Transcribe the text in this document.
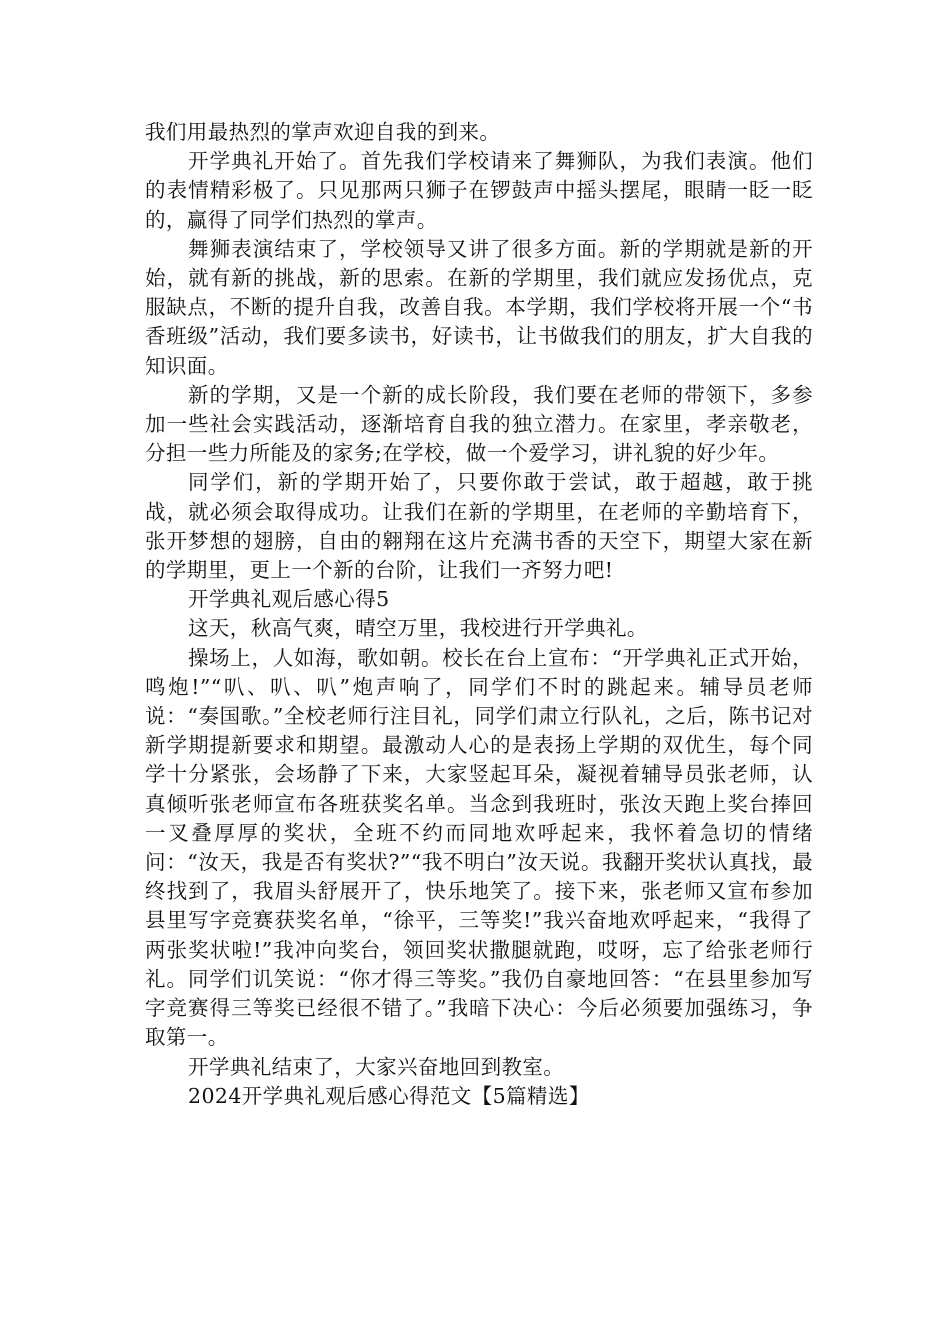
我们用最热烈的掌声欢迎自我的到来。

开学典礼开始了。首先我们学校请来了舞狮队，为我们表演。他们的表情精彩极了。只见那两只狮子在锣鼓声中摇头摆尾，眼睛一眨一眨的，赢得了同学们热烈的掌声。

舞狮表演结束了，学校领导又讲了很多方面。新的学期就是新的开始，就有新的挑战，新的思索。在新的学期里，我们就应发扬优点，克服缺点，不断的提升自我，改善自我。本学期，我们学校将开展一个“书香班级”活动，我们要多读书，好读书，让书做我们的朋友，扩大自我的知识面。

新的学期，又是一个新的成长阶段，我们要在老师的带领下，多参加一些社会实践活动，逐渐培育自我的独立潜力。在家里，孝亲敬老，分担一些力所能及的家务;在学校，做一个爱学习，讲礼貌的好少年。

同学们，新的学期开始了，只要你敢于尝试，敢于超越，敢于挑战，就必须会取得成功。让我们在新的学期里，在老师的辛勤培育下，张开梦想的翅膀，自由的翱翔在这片充满书香的天空下，期望大家在新的学期里，更上一个新的台阶，让我们一齐努力吧!

开学典礼观后感心得5

这天，秋高气爽，晴空万里，我校进行开学典礼。

操场上，人如海，歌如朝。校长在台上宣布：“开学典礼正式开始，鸣炮!”“叭、叭、叭”炮声响了，同学们不时的跳起来。辅导员老师说：“奏国歌。”全校老师行注目礼，同学们肃立行队礼，之后，陈书记对新学期提新要求和期望。最激动人心的是表扬上学期的双优生，每个同学十分紧张，会场静了下来，大家竖起耳朵，凝视着辅导员张老师，认真倾听张老师宣布各班获奖名单。当念到我班时，张汝天跑上奖台捧回一叉叠厚厚的奖状，全班不约而同地欢呼起来，我怀着急切的情绪问：“汝天，我是否有奖状?”“我不明白”汝天说。我翻开奖状认真找，最终找到了，我眉头舒展开了，快乐地笑了。接下来，张老师又宣布参加县里写字竞赛获奖名单，“徐平，三等奖!”我兴奋地欢呼起来，“我得了两张奖状啦!”我冲向奖台，领回奖状撒腿就跑，哎呀，忘了给张老师行礼。同学们讥笑说：“你才得三等奖。”我仍自豪地回答：“在县里参加写字竞赛得三等奖已经很不错了。”我暗下决心：今后必须要加强练习，争取第一。

开学典礼结束了，大家兴奋地回到教室。

2024开学典礼观后感心得范文【5篇精选】
